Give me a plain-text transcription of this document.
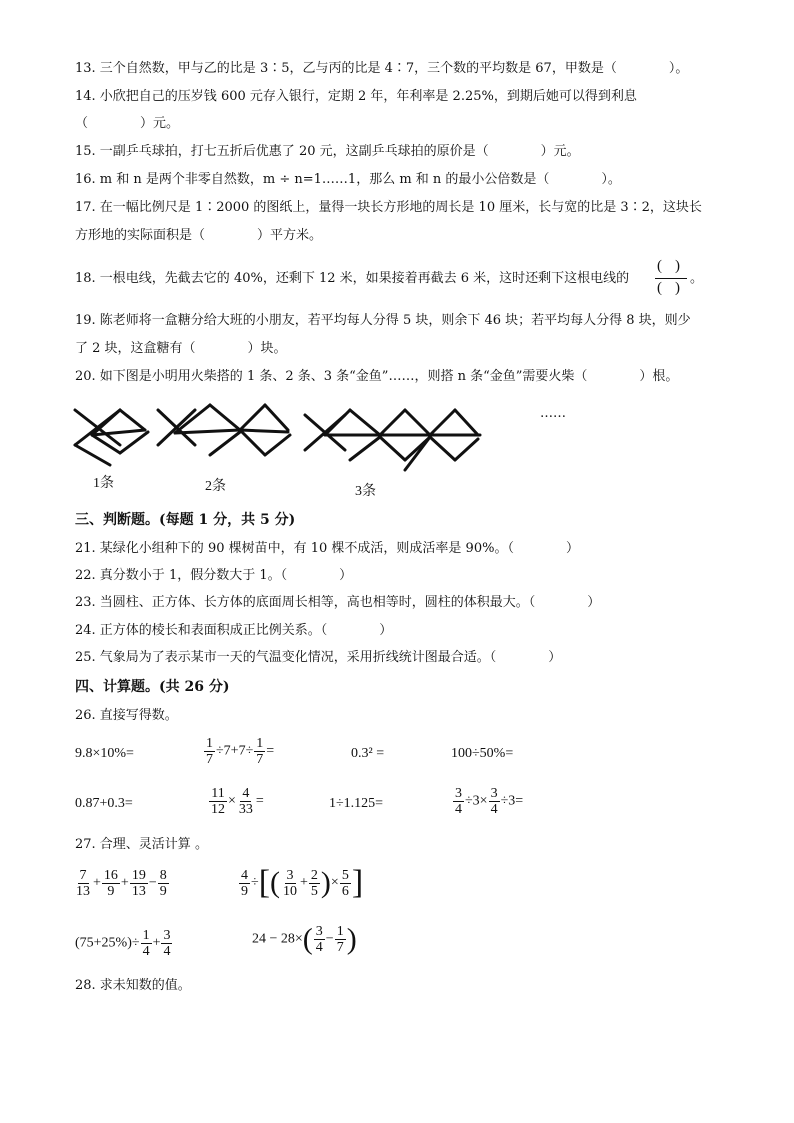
13. 三个自然数，甲与乙的比是 3∶5，乙与丙的比是 4∶7，三个数的平均数是 67，甲数是（　　　　）。
14. 小欣把自己的压岁钱 600 元存入银行，定期 2 年，年利率是 2.25%，到期后她可以得到利息
（　　　　）元。
15. 一副乒乓球拍，打七五折后优惠了 20 元，这副乒乓球拍的原价是（　　　　）元。
16. m 和 n 是两个非零自然数，m ÷ n=1……1，那么 m 和 n 的最小公倍数是（　　　　）。
17. 在一幅比例尺是 1∶2000 的图纸上，量得一块长方形地的周长是 10 厘米，长与宽的比是 3∶2，这块长
方形地的实际面积是（　　　　）平方米。
18. 一根电线，先截去它的 40%，还剩下 12 米，如果接着再截去 6 米，这时还剩下这根电线的
( )
( )
。
19. 陈老师将一盒糖分给大班的小朋友，若平均每人分得 5 块，则余下 46 块；若平均每人分得 8 块，则少
了 2 块，这盒糖有（　　　　）块。
20. 如下图是小明用火柴搭的 1 条、2 条、3 条“金鱼”……，则搭 n 条“金鱼”需要火柴（　　　　）根。
1条	2条	3条
……
三、判断题。(每题 1 分，共 5 分)
21. 某绿化小组种下的 90 棵树苗中，有 10 棵不成活，则成活率是 90%。（　　　　）
22. 真分数小于 1，假分数大于 1。（　　　　）
23. 当圆柱、正方体、长方体的底面周长相等，高也相等时，圆柱的体积最大。（　　　　）
24. 正方体的棱长和表面积成正比例关系。（　　　　）
25. 气象局为了表示某市一天的气温变化情况，采用折线统计图最合适。（　　　　）
四、计算题。(共 26 分)
26. 直接写得数。
9.8×10%=	$\frac{1}{7} \div 7+7\div \frac{1}{7}$ =	0.3² =	100÷50%=
0.87+0.3=	$\frac{11}{12} \times \frac{4}{33}$ =	1÷1.125=	$\frac{3}{4} \div 3\times \frac{3}{4} \div 3=$
27. 合理、灵活计算 。
$\frac{7}{13} + \frac{16}{9} + \frac{19}{13} - \frac{8}{9}$	$\frac{4}{9}$ ÷[( $\frac{3}{10} + \frac{2}{5}$ )× $\frac{5}{6}$ ]
$(75+25\%)\div \frac{1}{4} + \frac{3}{4}$	$24 - 28\times( \frac{3}{4} - \frac{1}{7}$ )
28. 求未知数的值。
